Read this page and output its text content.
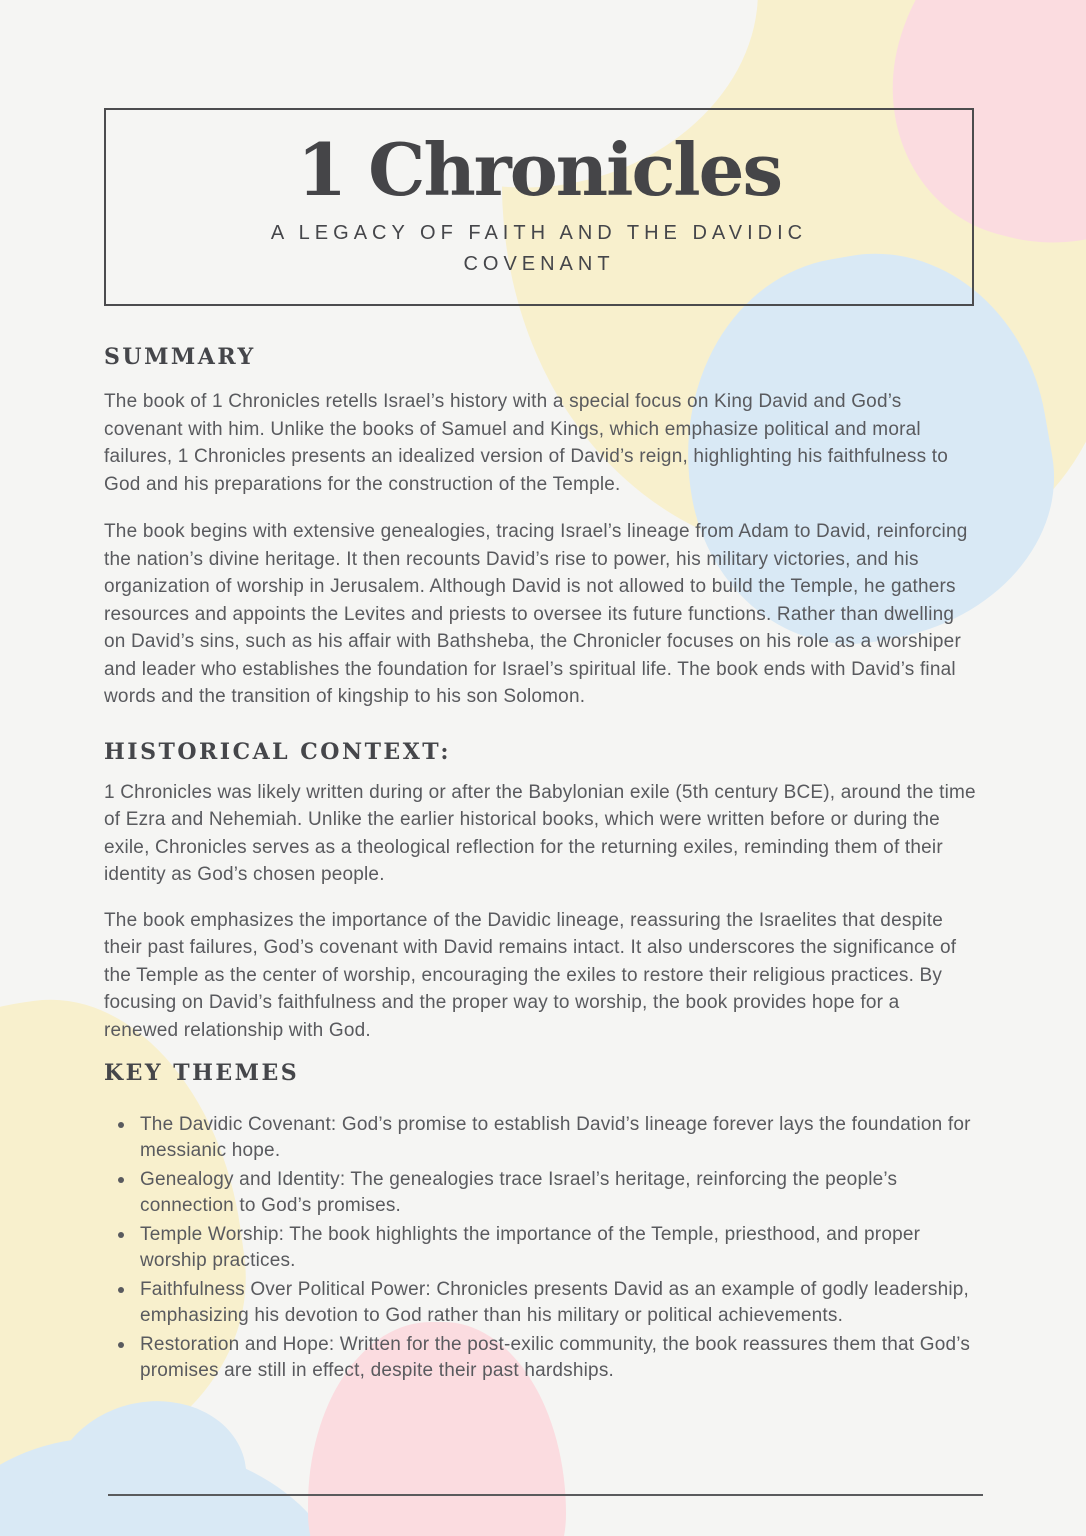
1 Chronicles
A LEGACY OF FAITH AND THE DAVIDIC COVENANT
SUMMARY

The book of 1 Chronicles retells Israel’s history with a special focus on King David and God’s covenant with him. Unlike the books of Samuel and Kings, which emphasize political and moral failures, 1 Chronicles presents an idealized version of David’s reign, highlighting his faithfulness to God and his preparations for the construction of the Temple.

The book begins with extensive genealogies, tracing Israel’s lineage from Adam to David, reinforcing the nation’s divine heritage. It then recounts David’s rise to power, his military victories, and his organization of worship in Jerusalem. Although David is not allowed to build the Temple, he gathers resources and appoints the Levites and priests to oversee its future functions. Rather than dwelling on David’s sins, such as his affair with Bathsheba, the Chronicler focuses on his role as a worshiper and leader who establishes the foundation for Israel’s spiritual life. The book ends with David’s final words and the transition of kingship to his son Solomon.

HISTORICAL CONTEXT:

1 Chronicles was likely written during or after the Babylonian exile (5th century BCE), around the time of Ezra and Nehemiah. Unlike the earlier historical books, which were written before or during the exile, Chronicles serves as a theological reflection for the returning exiles, reminding them of their identity as God’s chosen people.

The book emphasizes the importance of the Davidic lineage, reassuring the Israelites that despite their past failures, God’s covenant with David remains intact. It also underscores the significance of the Temple as the center of worship, encouraging the exiles to restore their religious practices. By focusing on David’s faithfulness and the proper way to worship, the book provides hope for a renewed relationship with God.

KEY THEMES
The Davidic Covenant: God’s promise to establish David’s lineage forever lays the foundation for messianic hope.
Genealogy and Identity: The genealogies trace Israel’s heritage, reinforcing the people’s connection to God’s promises.
Temple Worship: The book highlights the importance of the Temple, priesthood, and proper worship practices.
Faithfulness Over Political Power: Chronicles presents David as an example of godly leadership, emphasizing his devotion to God rather than his military or political achievements.
Restoration and Hope: Written for the post-exilic community, the book reassures them that God’s promises are still in effect, despite their past hardships.
